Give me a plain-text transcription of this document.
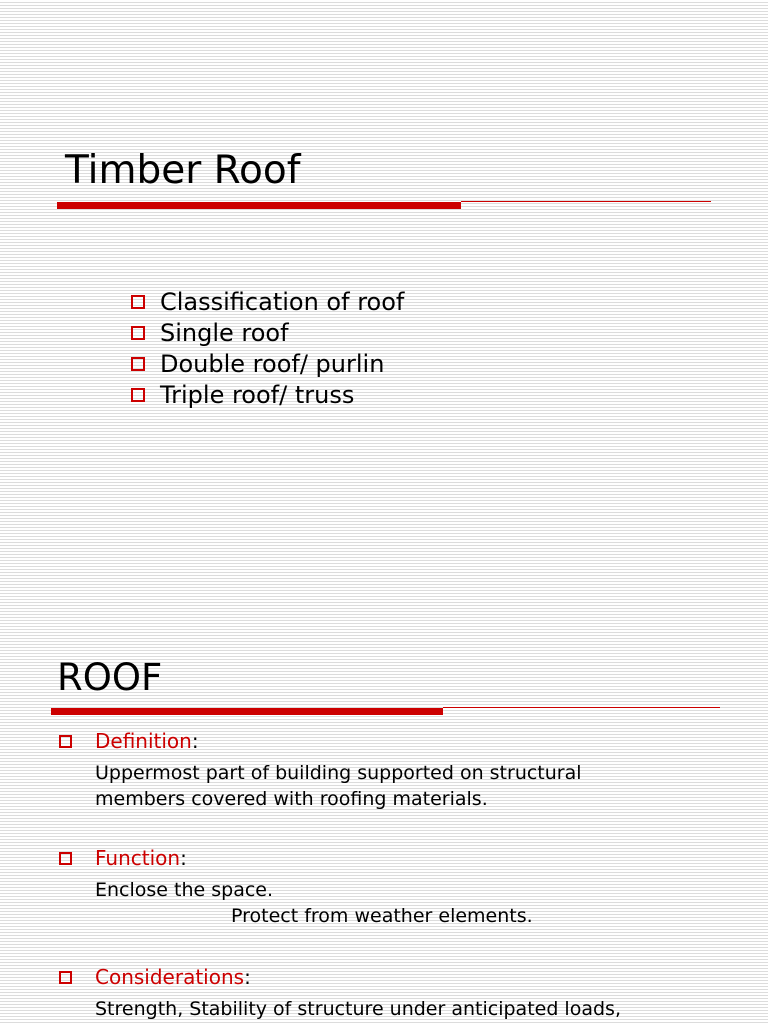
Timber Roof
Classification of roof
Single roof
Double roof/ purlin
Triple roof/ truss
ROOF
Definition :
Uppermost part of building supported on structural
members covered with roofing materials.
Function :
Enclose the space.
Protect from weather elements.
Considerations :
Strength, Stability of structure under anticipated loads,
